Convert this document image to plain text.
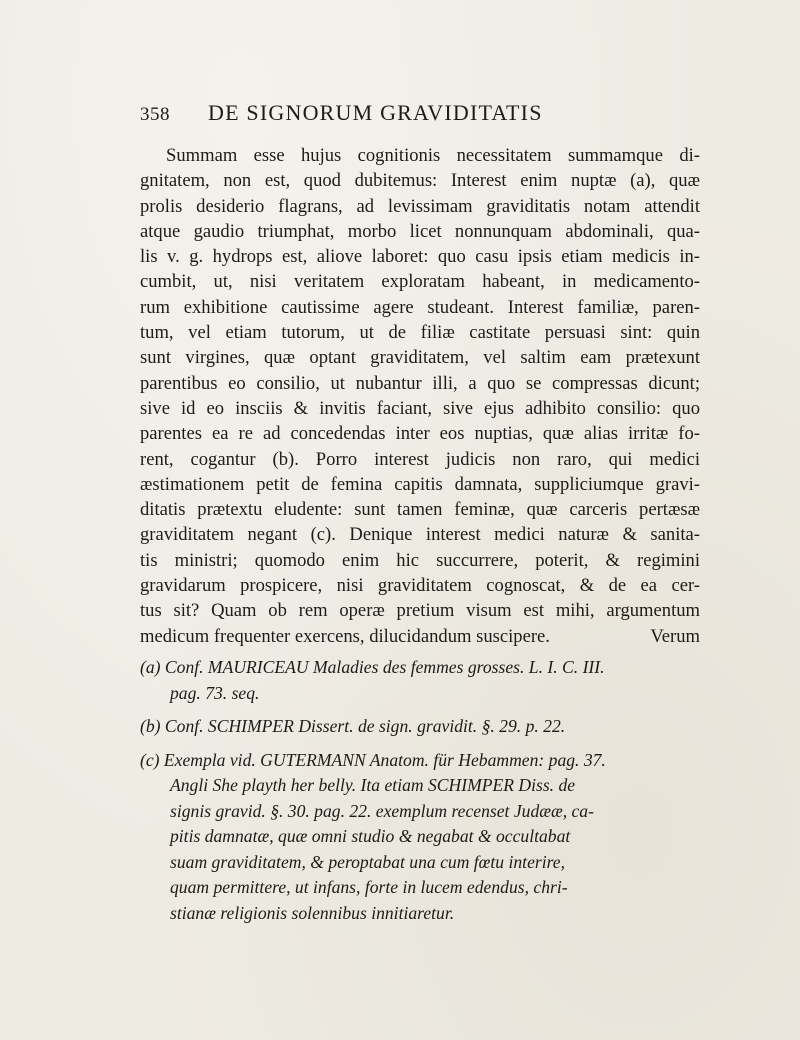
358 DE SIGNORUM GRAVIDITATIS
Summam esse hujus cognitionis necessitatem summamque di-
gnitatem, non est, quod dubitemus: Interest enim nuptæ (a), quæ
prolis desiderio flagrans, ad levissimam graviditatis notam attendit
atque gaudio triumphat, morbo licet nonnunquam abdominali, qua-
lis v. g. hydrops est, aliove laboret: quo casu ipsis etiam medicis in-
cumbit, ut, nisi veritatem exploratam habeant, in medicamento-
rum exhibitione cautissime agere studeant. Interest familiæ, paren-
tum, vel etiam tutorum, ut de filiæ castitate persuasi sint: quin
sunt virgines, quæ optant graviditatem, vel saltim eam prætexunt
parentibus eo consilio, ut nubantur illi, a quo se compressas dicunt;
sive id eo insciis & invitis faciant, sive ejus adhibito consilio: quo
parentes ea re ad concedendas inter eos nuptias, quæ alias irritæ fo-
rent, cogantur (b). Porro interest judicis non raro, qui medici
æstimationem petit de femina capitis damnata, suppliciumque gravi-
ditatis prætextu eludente: sunt tamen feminæ, quæ carceris pertæsæ
graviditatem negant (c). Denique interest medici naturæ & sanita-
tis ministri; quomodo enim hic succurrere, poterit, & regimini
gravidarum prospicere, nisi graviditatem cognoscat, & de ea cer-
tus sit? Quam ob rem operæ pretium visum est mihi, argumentum
medicum frequenter exercens, dilucidandum suscipere.	Verum
(a) Conf. MAURICEAU Maladies des femmes grosses. L. I. C. III.
pag. 73. seq.
(b) Conf. SCHIMPER Dissert. de sign. gravidit. §. 29. p. 22.
(c) Exempla vid. GUTERMANN Anatom. für Hebammen: pag. 37.
Angli She playth her belly. Ita etiam SCHIMPER Diss. de
signis gravid. §. 30. pag. 22. exemplum recenset Judææ, ca-
pitis damnatæ, quæ omni studio & negabat & occultabat
suam graviditatem, & peroptabat una cum fœtu interire,
quam permittere, ut infans, forte in lucem edendus, chri-
stianæ religionis solennibus innitiaretur.
